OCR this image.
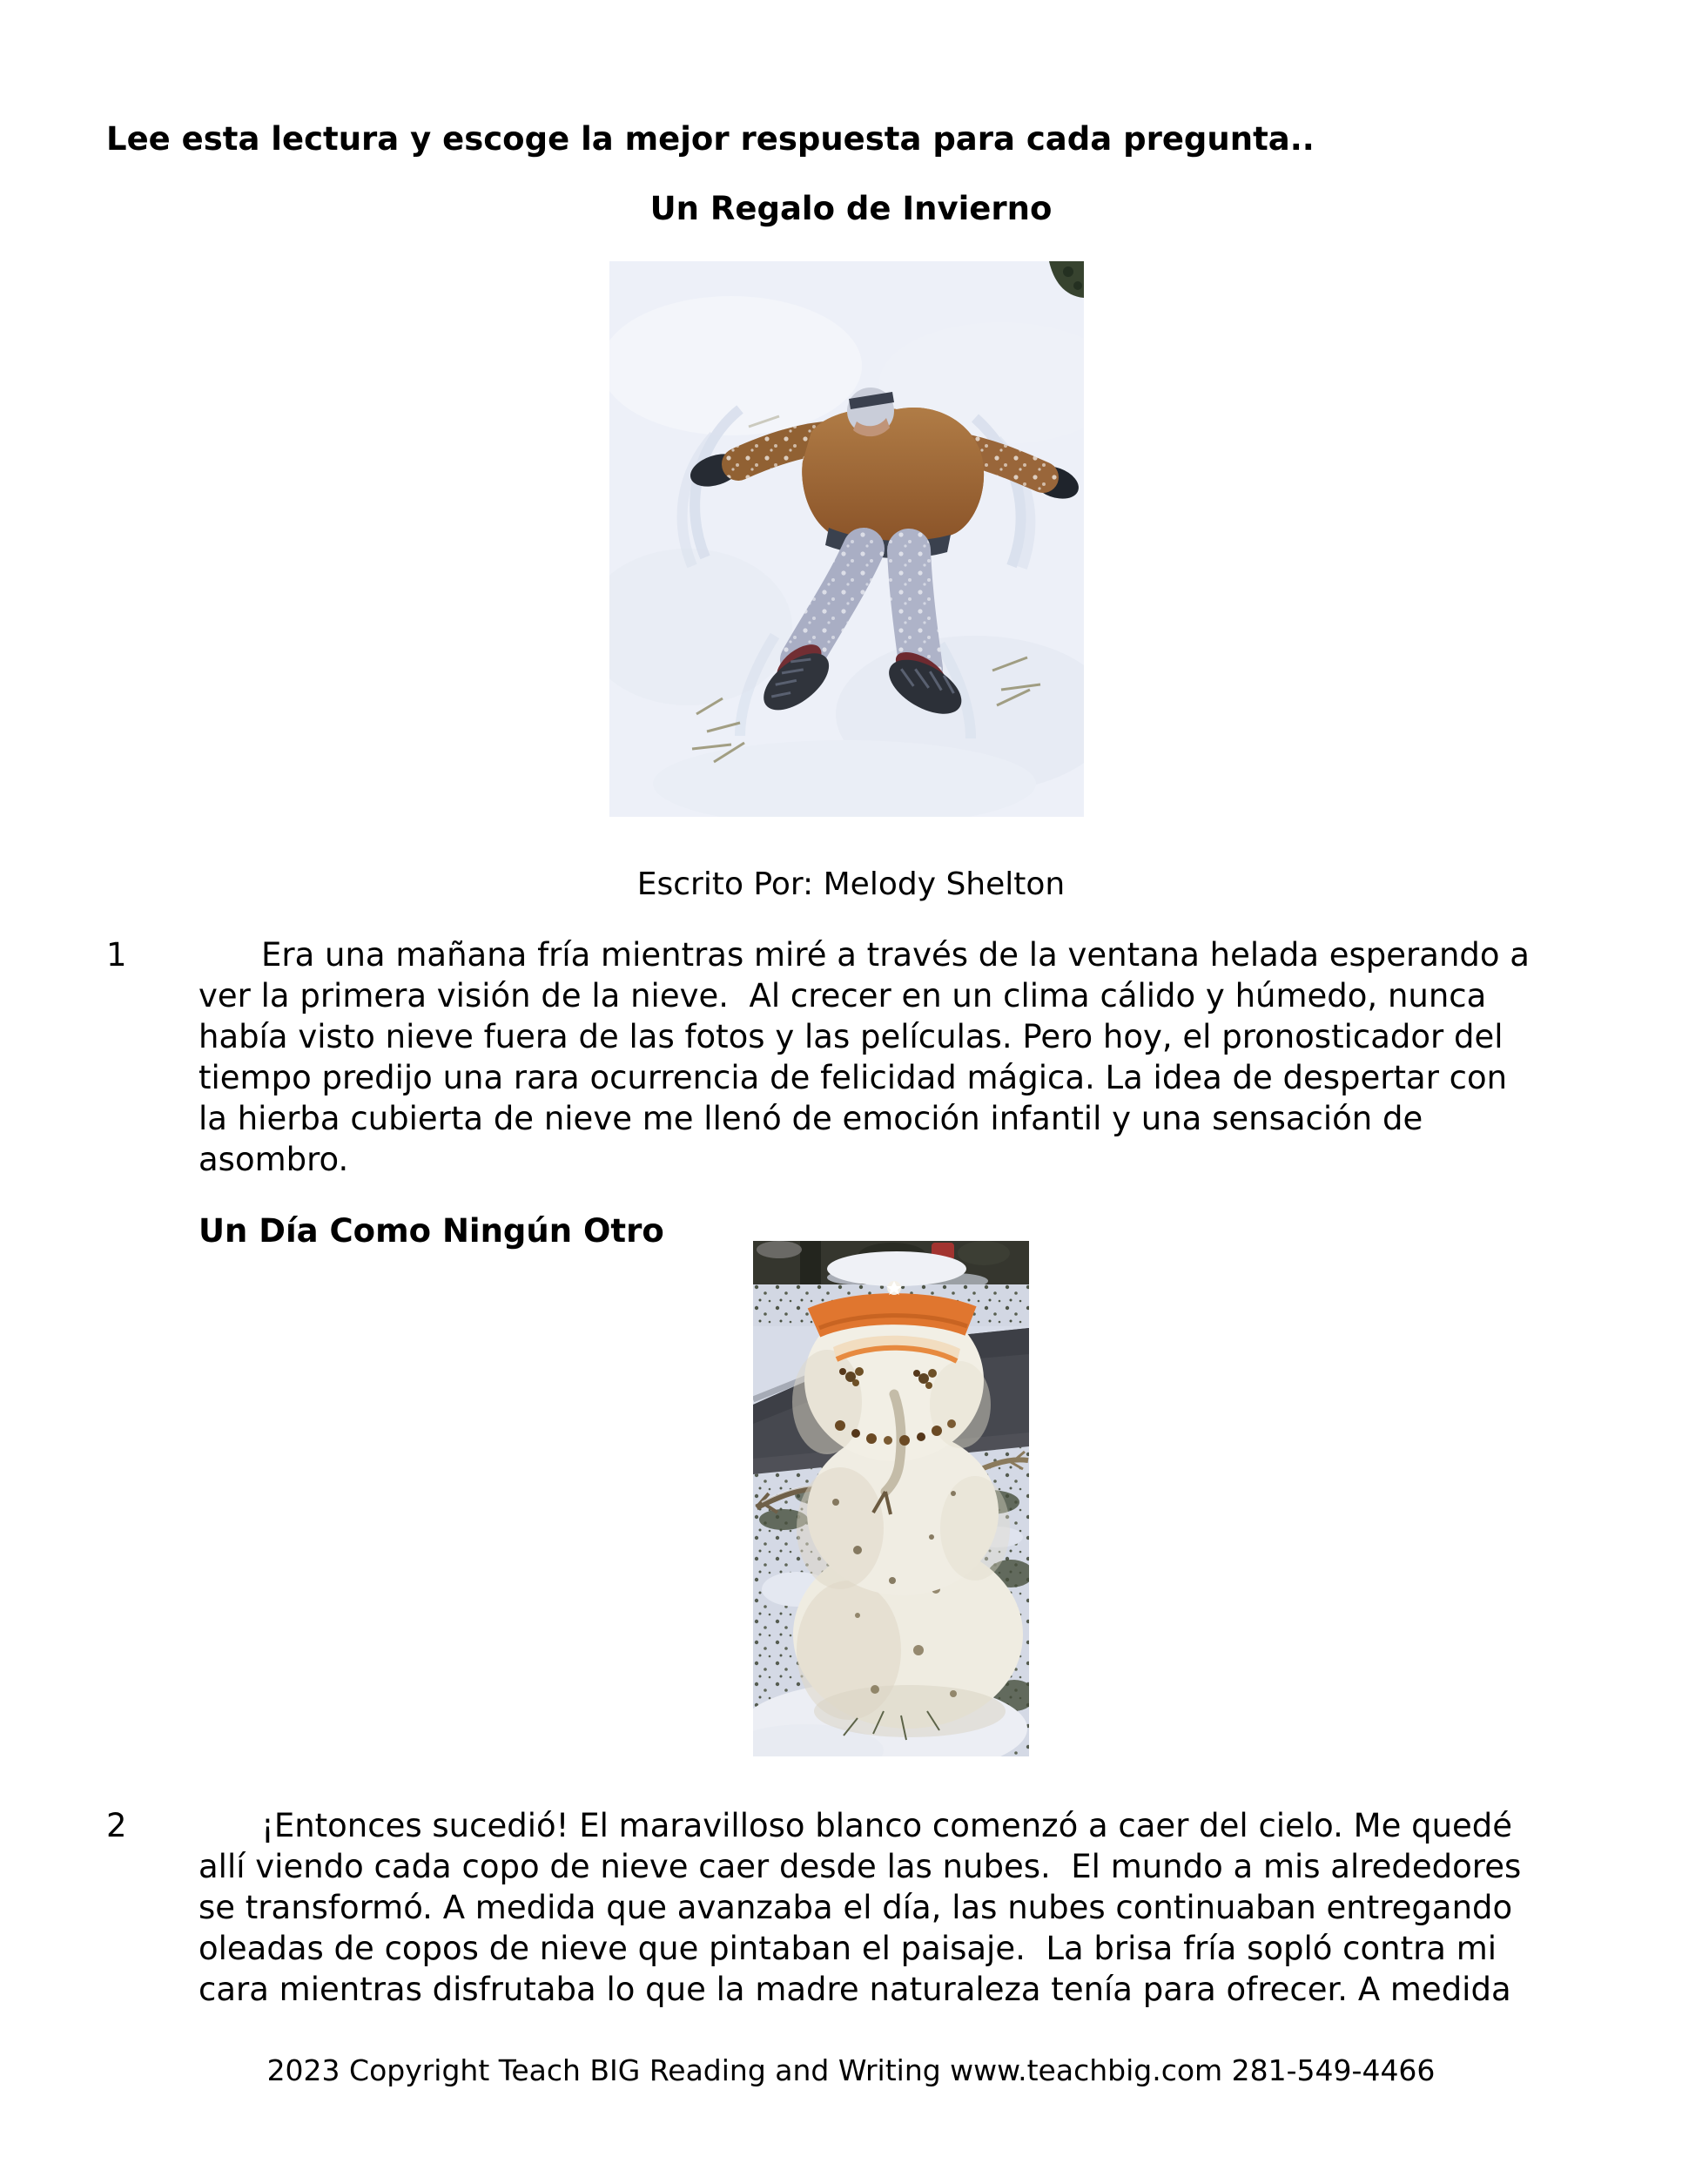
Lee esta lectura y escoge la mejor respuesta para cada pregunta..
Un Regalo de Invierno
Escrito Por: Melody Shelton
1	Era una mañana fría mientras miré a través de la ventana helada esperando a
ver la primera visión de la nieve.  Al crecer en un clima cálido y húmedo, nunca
había visto nieve fuera de las fotos y las películas. Pero hoy, el pronosticador del
tiempo predijo una rara ocurrencia de felicidad mágica. La idea de despertar con
la hierba cubierta de nieve me llenó de emoción infantil y una sensación de
asombro.
Un Día Como Ningún Otro
2	¡Entonces sucedió! El maravilloso blanco comenzó a caer del cielo. Me quedé
allí viendo cada copo de nieve caer desde las nubes.  El mundo a mis alrededores
se transformó. A medida que avanzaba el día, las nubes continuaban entregando
oleadas de copos de nieve que pintaban el paisaje.  La brisa fría sopló contra mi
cara mientras disfrutaba lo que la madre naturaleza tenía para ofrecer. A medida
2023 Copyright Teach BIG Reading and Writing www.teachbig.com 281-549-4466
